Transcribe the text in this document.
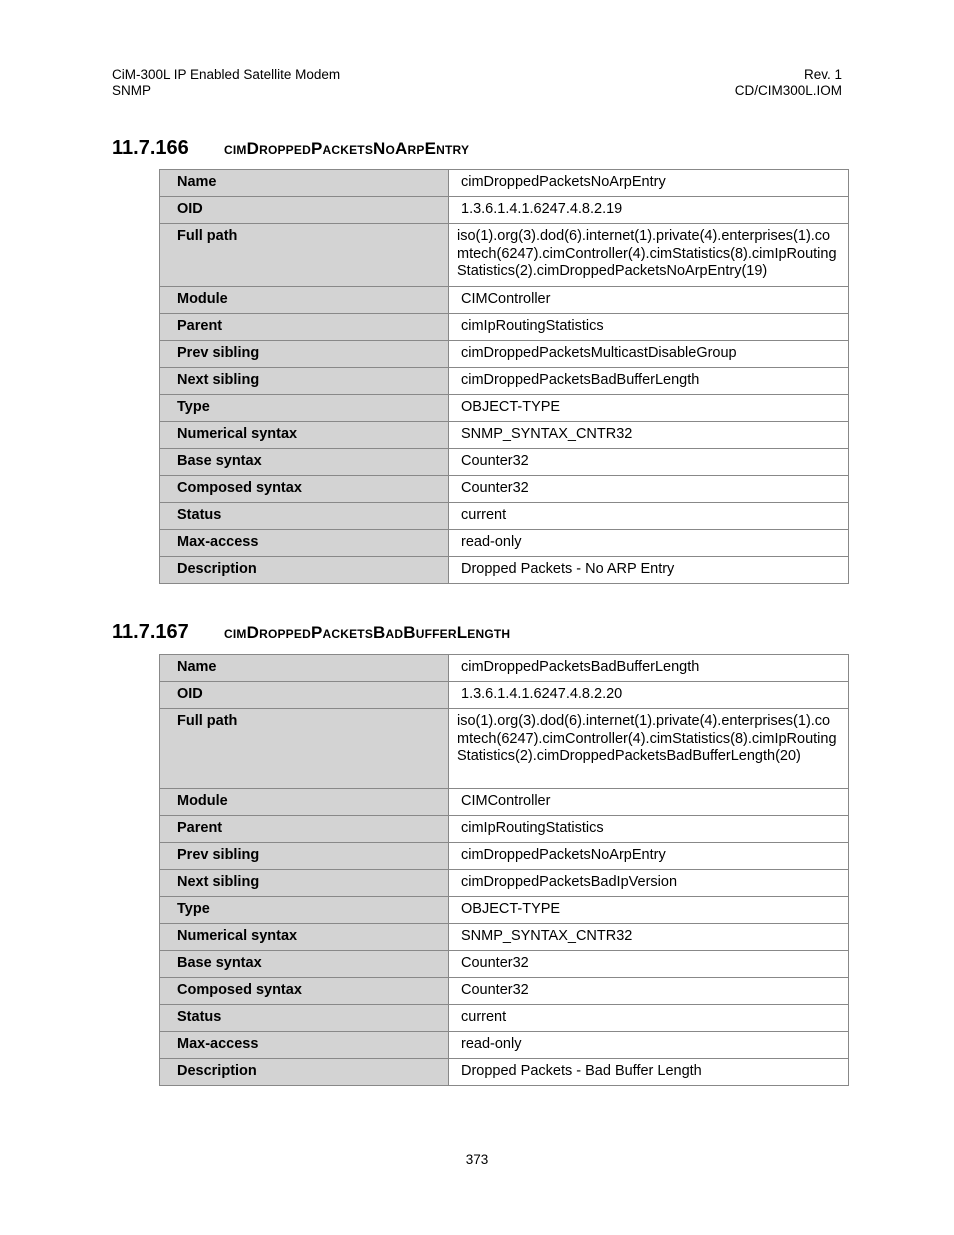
CiM-300L IP Enabled Satellite Modem
SNMP
Rev. 1
CD/CIM300L.IOM
11.7.166 cimDroppedPacketsNoArpEntry
Name	cimDroppedPacketsNoArpEntry
OID	1.3.6.1.4.1.6247.4.8.2.19
Full path	iso(1).org(3).dod(6).internet(1).private(4).enterprises(1).comtech(6247).cimController(4).cimStatistics(8).cimIpRoutingStatistics(2).cimDroppedPacketsNoArpEntry(19)
Module	CIMController
Parent	cimIpRoutingStatistics
Prev sibling	cimDroppedPacketsMulticastDisableGroup
Next sibling	cimDroppedPacketsBadBufferLength
Type	OBJECT-TYPE
Numerical syntax	SNMP_SYNTAX_CNTR32
Base syntax	Counter32
Composed syntax	Counter32
Status	current
Max-access	read-only
Description	Dropped Packets - No ARP Entry
11.7.167 cimDroppedPacketsBadBufferLength
Name	cimDroppedPacketsBadBufferLength
OID	1.3.6.1.4.1.6247.4.8.2.20
Full path	iso(1).org(3).dod(6).internet(1).private(4).enterprises(1).comtech(6247).cimController(4).cimStatistics(8).cimIpRoutingStatistics(2).cimDroppedPacketsBadBufferLength(20)
Module	CIMController
Parent	cimIpRoutingStatistics
Prev sibling	cimDroppedPacketsNoArpEntry
Next sibling	cimDroppedPacketsBadIpVersion
Type	OBJECT-TYPE
Numerical syntax	SNMP_SYNTAX_CNTR32
Base syntax	Counter32
Composed syntax	Counter32
Status	current
Max-access	read-only
Description	Dropped Packets - Bad Buffer Length
373
